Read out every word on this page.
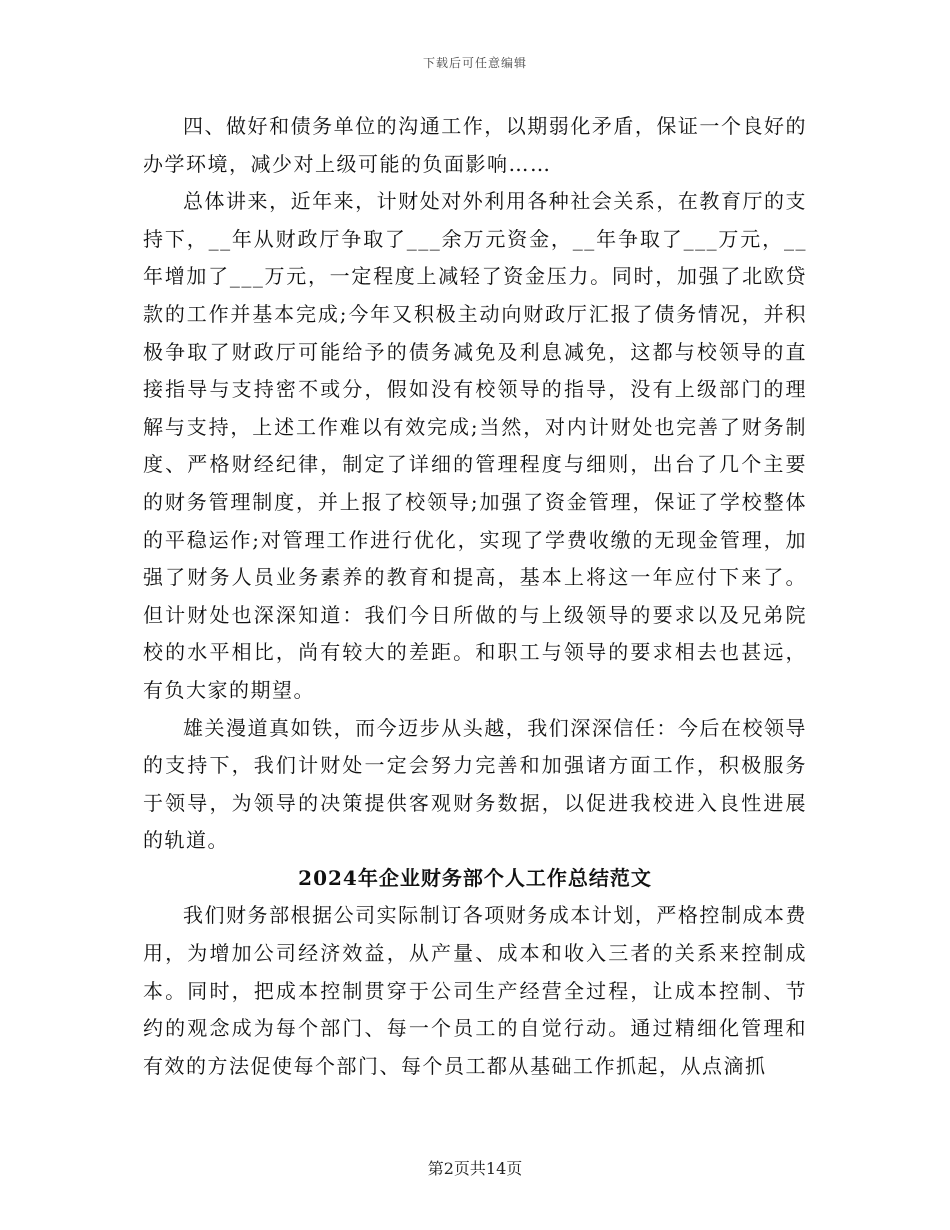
下载后可任意编辑

四、做好和债务单位的沟通工作，以期弱化矛盾，保证一个良好的办学环境，减少对上级可能的负面影响……

总体讲来，近年来，计财处对外利用各种社会关系，在教育厅的支持下，__年从财政厅争取了___余万元资金，__年争取了___万元，__年增加了___万元，一定程度上减轻了资金压力。同时，加强了北欧贷款的工作并基本完成;今年又积极主动向财政厅汇报了债务情况，并积极争取了财政厅可能给予的债务减免及利息减免，这都与校领导的直接指导与支持密不或分，假如没有校领导的指导，没有上级部门的理解与支持，上述工作难以有效完成;当然，对内计财处也完善了财务制度、严格财经纪律，制定了详细的管理程度与细则，出台了几个主要的财务管理制度，并上报了校领导;加强了资金管理，保证了学校整体的平稳运作;对管理工作进行优化，实现了学费收缴的无现金管理，加强了财务人员业务素养的教育和提高，基本上将这一年应付下来了。但计财处也深深知道：我们今日所做的与上级领导的要求以及兄弟院校的水平相比，尚有较大的差距。和职工与领导的要求相去也甚远，有负大家的期望。

雄关漫道真如铁，而今迈步从头越，我们深深信任：今后在校领导的支持下，我们计财处一定会努力完善和加强诸方面工作，积极服务于领导，为领导的决策提供客观财务数据，以促进我校进入良性进展的轨道。

2024年企业财务部个人工作总结范文

我们财务部根据公司实际制订各项财务成本计划，严格控制成本费用，为增加公司经济效益，从产量、成本和收入三者的关系来控制成本。同时，把成本控制贯穿于公司生产经营全过程，让成本控制、节约的观念成为每个部门、每一个员工的自觉行动。通过精细化管理和有效的方法促使每个部门、每个员工都从基础工作抓起，从点滴抓

第2页共14页
